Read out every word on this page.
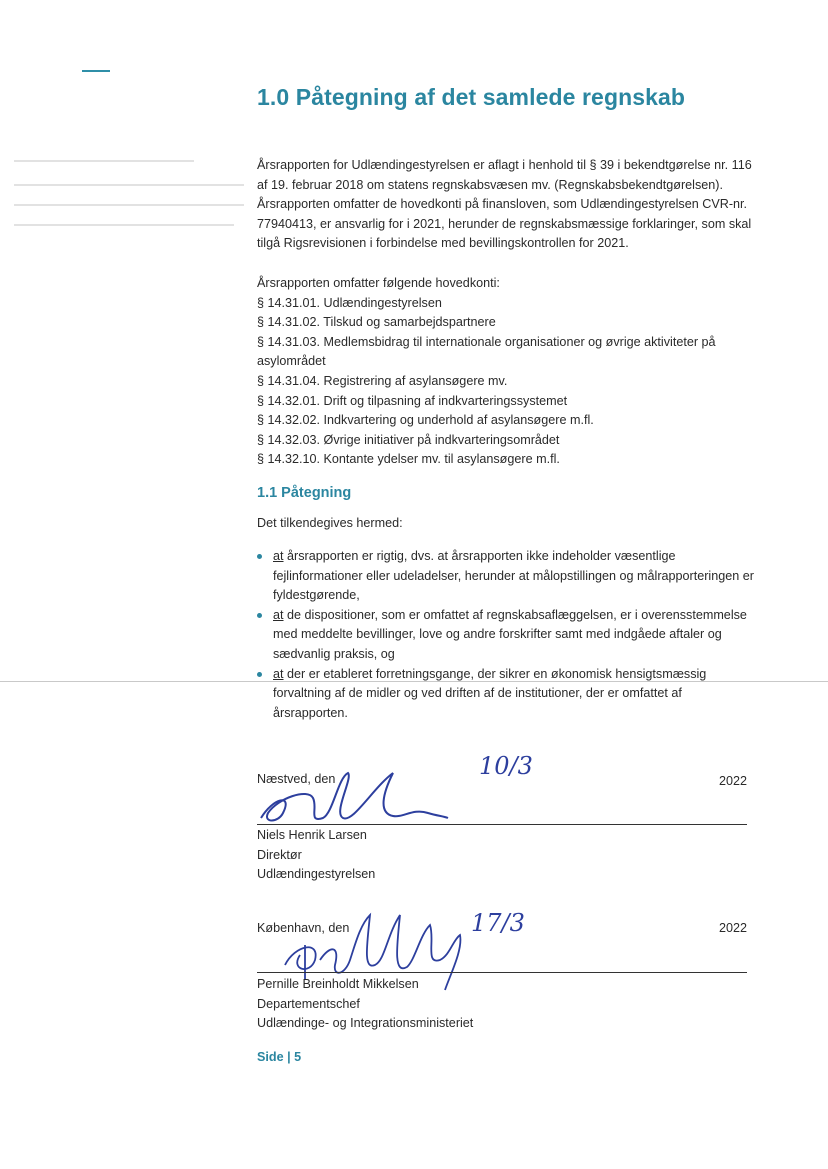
1.0 Påtegning af det samlede regnskab

Årsrapporten for Udlændingestyrelsen er aflagt i henhold til § 39 i bekendtgørelse nr. 116 af 19. februar 2018 om statens regnskabsvæsen mv. (Regnskabsbekendtgørelsen). Årsrapporten omfatter de hovedkonti på finansloven, som Udlændingestyrelsen CVR-nr. 77940413, er ansvarlig for i 2021, herunder de regnskabsmæssige forklaringer, som skal tilgå Rigsrevisionen i forbindelse med bevillingskontrollen for 2021.

Årsrapporten omfatter følgende hovedkonti:
§ 14.31.01. Udlændingestyrelsen
§ 14.31.02. Tilskud og samarbejdspartnere
§ 14.31.03. Medlemsbidrag til internationale organisationer og øvrige aktiviteter på asylområdet
§ 14.31.04. Registrering af asylansøgere mv.
§ 14.32.01. Drift og tilpasning af indkvarteringssystemet
§ 14.32.02. Indkvartering og underhold af asylansøgere m.fl.
§ 14.32.03. Øvrige initiativer på indkvarteringsområdet
§ 14.32.10. Kontante ydelser mv. til asylansøgere m.fl.
1.1 Påtegning

Det tilkendegives hermed:

at årsrapporten er rigtig, dvs. at årsrapporten ikke indeholder væsentlige fejlinformationer eller udeladelser, herunder at målopstillingen og målrapporteringen er fyldestgørende,
at de dispositioner, som er omfattet af regnskabsaflæggelsen, er i overensstemmelse med meddelte bevillinger, love og andre forskrifter samt med indgåede aftaler og sædvanlig praksis, og
at der er etableret forretningsgange, der sikrer en økonomisk hensigtsmæssig forvaltning af de midler og ved driften af de institutioner, der er omfattet af årsrapporten.
Næstved, den	10/3
2022
Niels Henrik Larsen
Direktør
Udlændingestyrelsen
København, den	17/3	2022
Pernille Breinholdt Mikkelsen
Departementschef
Udlændinge- og Integrationsministeriet
Side | 5
